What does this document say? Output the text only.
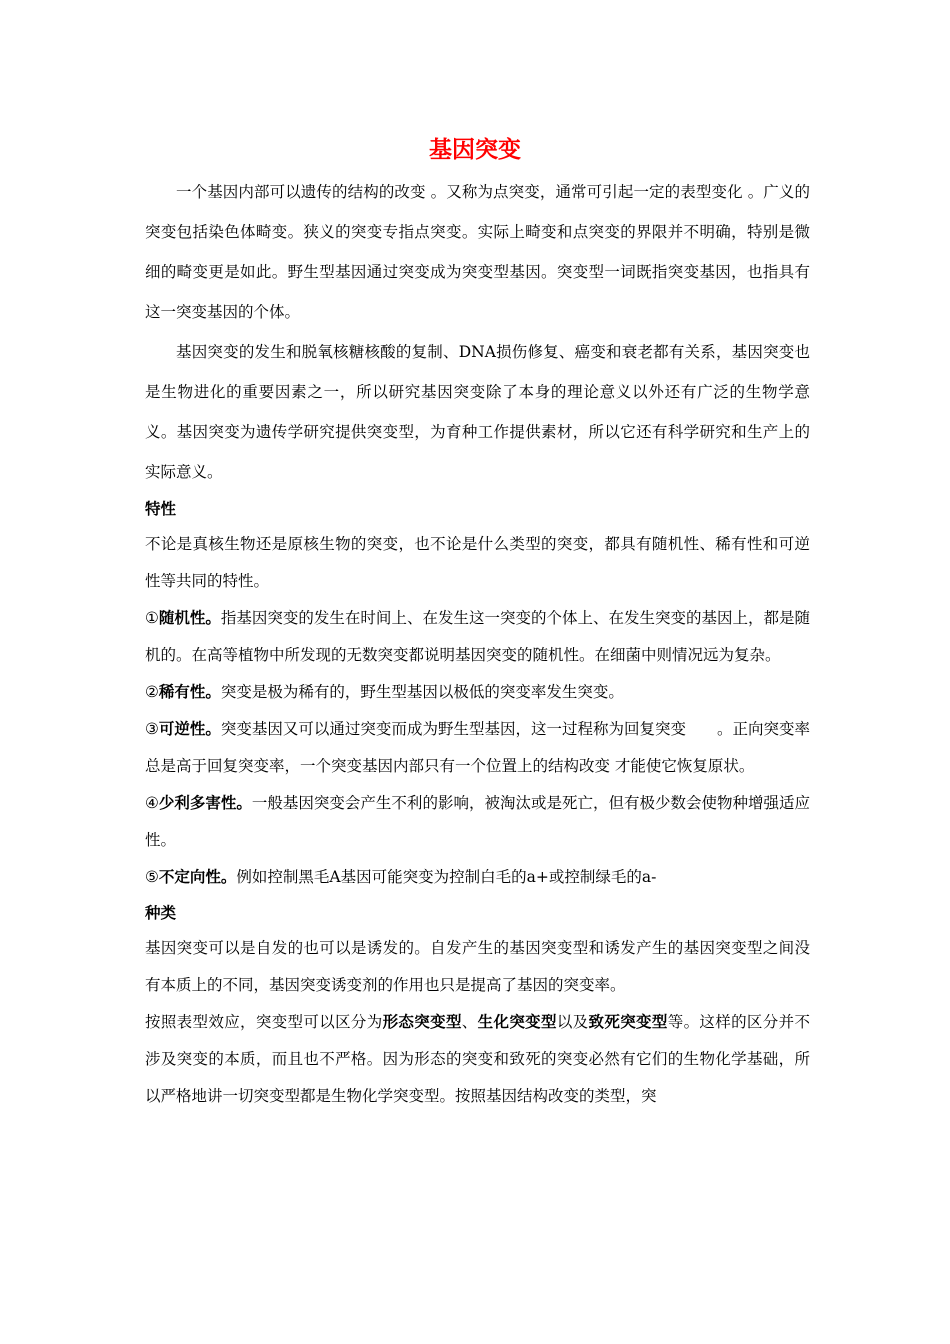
基因突变

一个基因内部可以遗传的结构的改变 。又称为点突变，通常可引起一定的表型变化 。广义的突变包括染色体畸变。狭义的突变专指点突变。实际上畸变和点突变的界限并不明确，特别是微细的畸变更是如此。野生型基因通过突变成为突变型基因。突变型一词既指突变基因，也指具有这一突变基因的个体。

基因突变的发生和脱氧核糖核酸的复制、DNA损伤修复、癌变和衰老都有关系，基因突变也是生物进化的重要因素之一，所以研究基因突变除了本身的理论意义以外还有广泛的生物学意义。基因突变为遗传学研究提供突变型，为育种工作提供素材，所以它还有科学研究和生产上的实际意义。

特性

不论是真核生物还是原核生物的突变，也不论是什么类型的突变，都具有随机性、稀有性和可逆性等共同的特性。

①随机性。指基因突变的发生在时间上、在发生这一突变的个体上、在发生突变的基因上，都是随机的。在高等植物中所发现的无数突变都说明基因突变的随机性。在细菌中则情况远为复杂。

②稀有性。突变是极为稀有的，野生型基因以极低的突变率发生突变。

③可逆性。突变基因又可以通过突变而成为野生型基因，这一过程称为回复突变　　。正向突变率总是高于回复突变率，一个突变基因内部只有一个位置上的结构改变 才能使它恢复原状。

④少利多害性。一般基因突变会产生不利的影响，被淘汰或是死亡，但有极少数会使物种增强适应性。

⑤不定向性。例如控制黑毛A基因可能突变为控制白毛的a+或控制绿毛的a-

种类

基因突变可以是自发的也可以是诱发的。自发产生的基因突变型和诱发产生的基因突变型之间没有本质上的不同，基因突变诱变剂的作用也只是提高了基因的突变率。

按照表型效应，突变型可以区分为形态突变型、生化突变型以及致死突变型等。这样的区分并不涉及突变的本质，而且也不严格。因为形态的突变和致死的突变必然有它们的生物化学基础，所以严格地讲一切突变型都是生物化学突变型。按照基因结构改变的类型，突
